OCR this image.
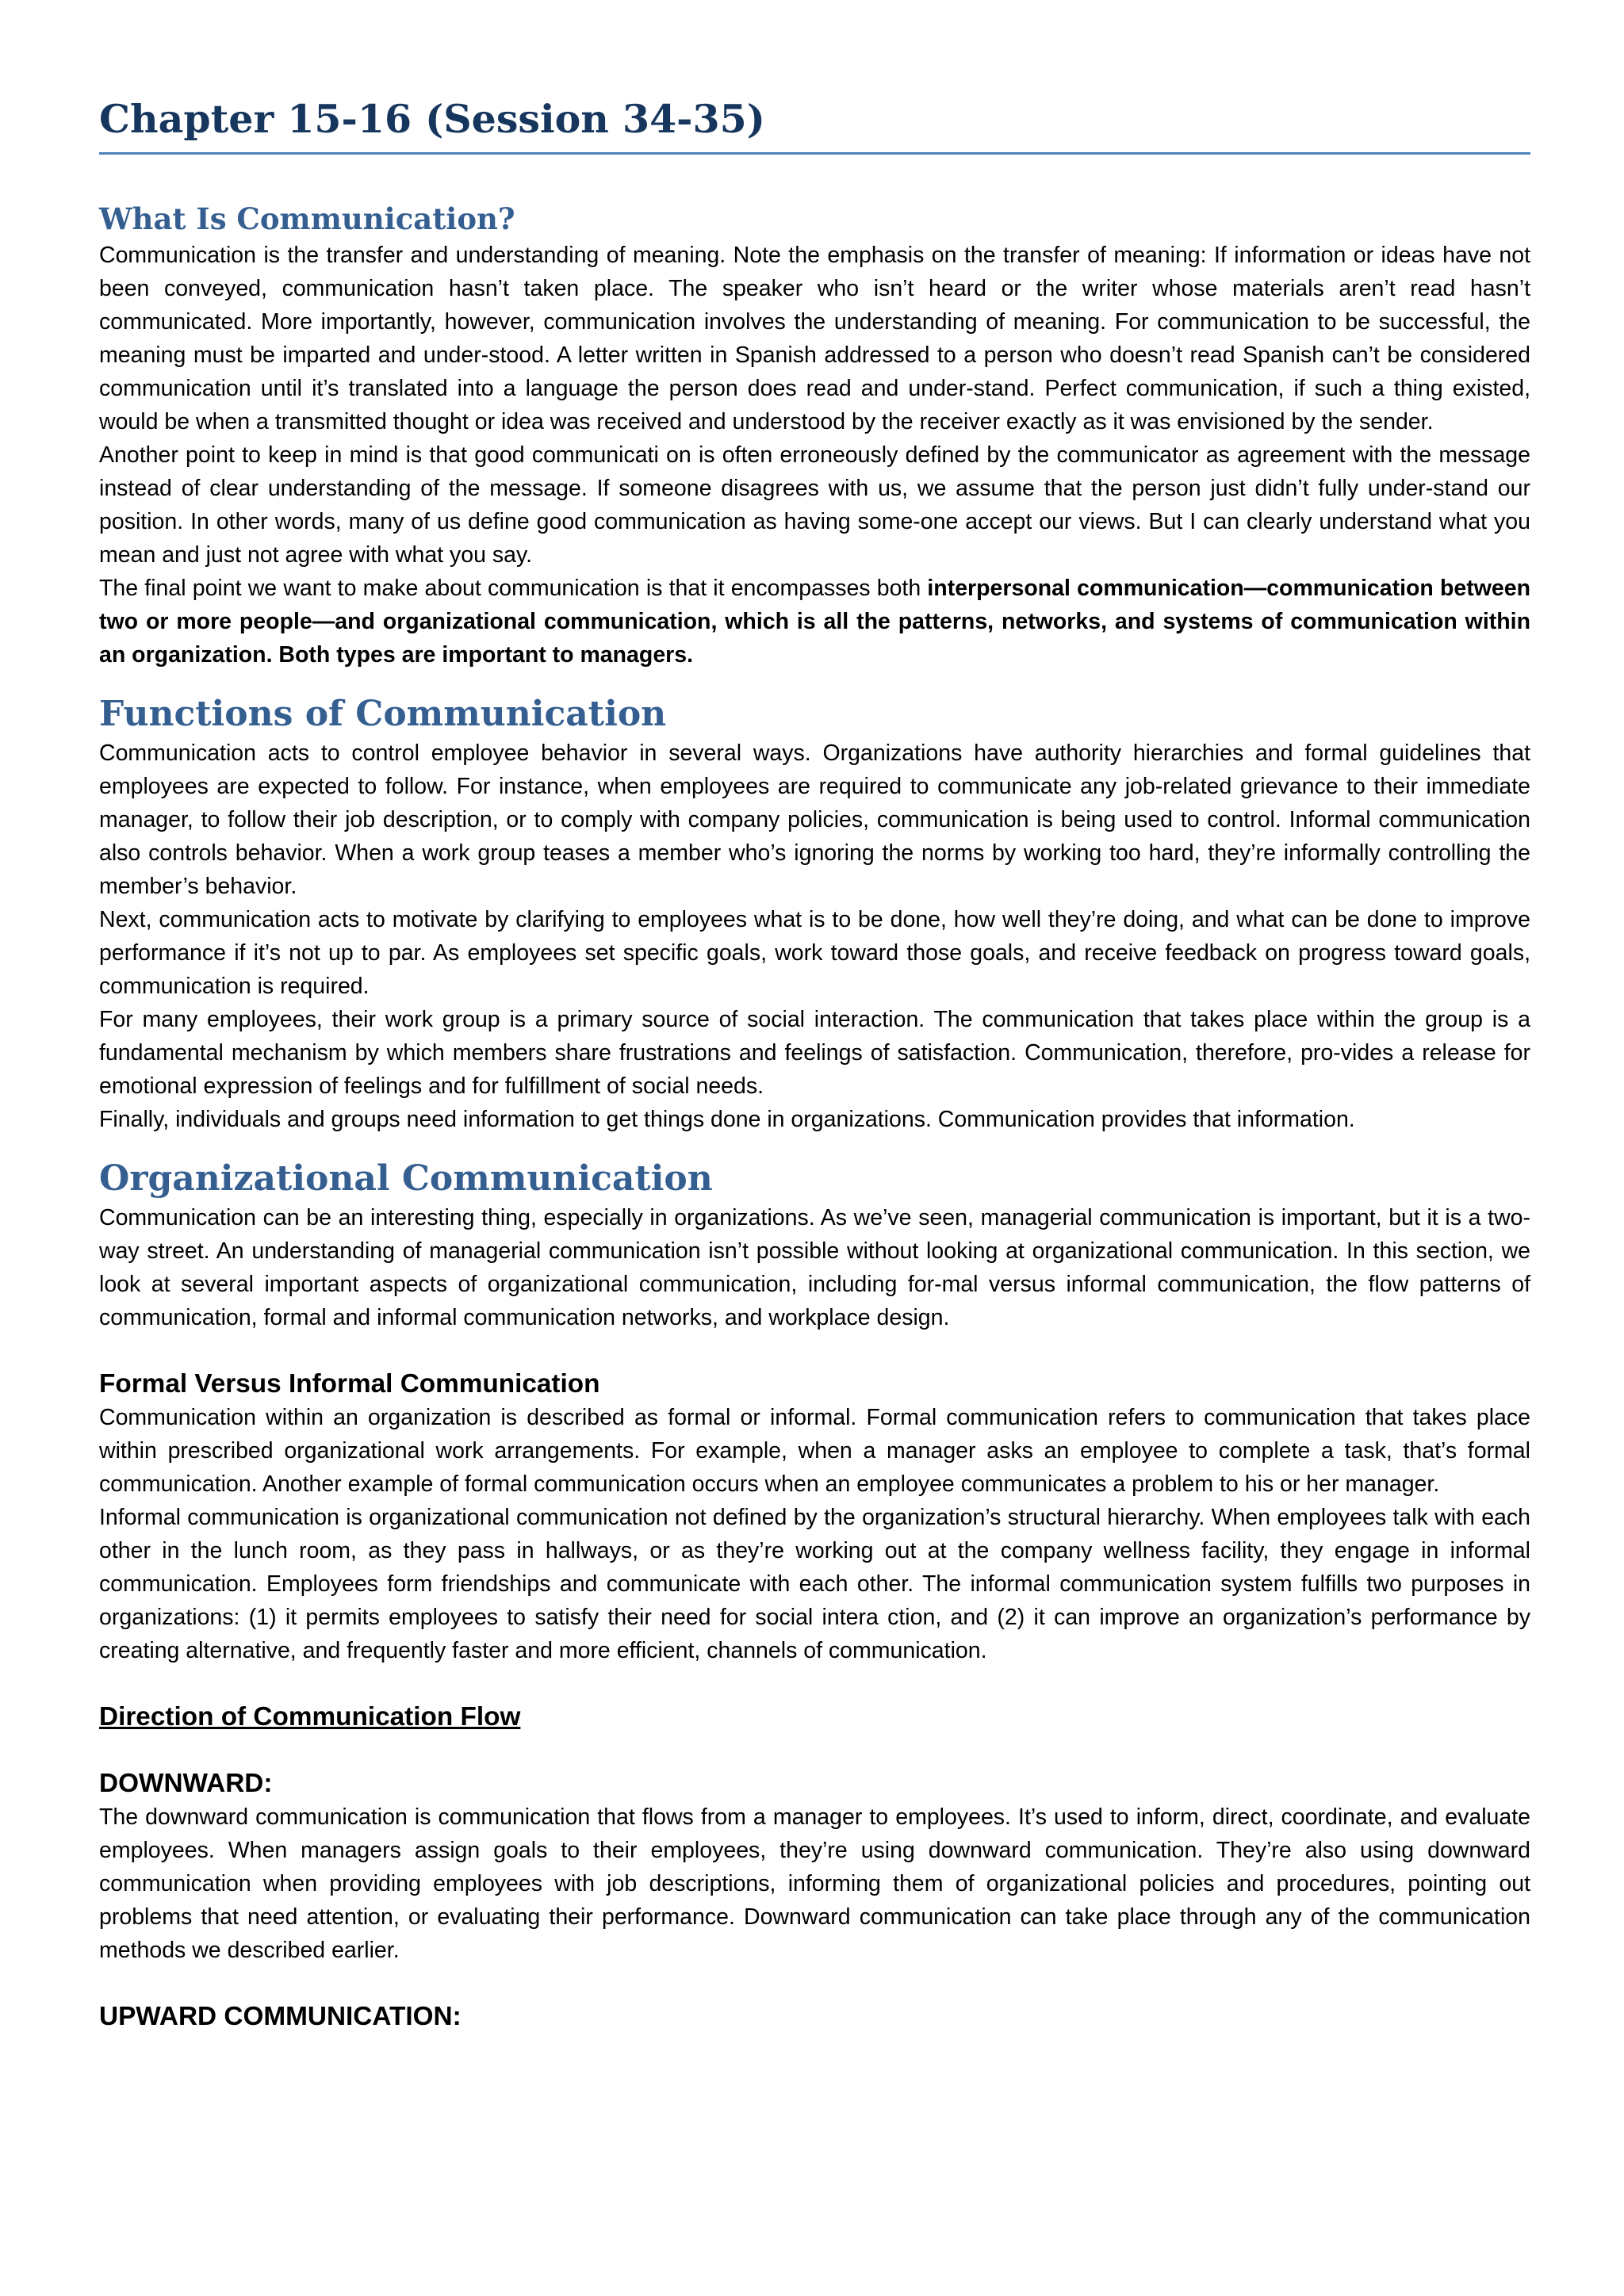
Chapter 15-16 (Session 34-35)
What Is Communication?

Communication is the transfer and understanding of meaning. Note the emphasis on the transfer of meaning: If information or ideas have not been conveyed, communication hasn’t taken place. The speaker who isn’t heard or the writer whose materials aren’t read hasn’t communicated. More importantly, however, communication involves the understanding of meaning. For communication to be successful, the meaning must be imparted and under-stood. A letter written in Spanish addressed to a person who doesn’t read Spanish can’t be considered communication until it’s translated into a language the person does read and under-stand. Perfect communication, if such a thing existed, would be when a transmitted thought or idea was received and understood by the receiver exactly as it was envisioned by the sender.

Another point to keep in mind is that good communicati on is often erroneously defined by the communicator as agreement with the message instead of clear understanding of the message. If someone disagrees with us, we assume that the person just didn’t fully under-stand our position. In other words, many of us define good communication as having some-one accept our views. But I can clearly understand what you mean and just not agree with what you say.

The final point we want to make about communication is that it encompasses both interpersonal communication—communication between two or more people—and organizational communication, which is all the patterns, networks, and systems of communication within an organization. Both types are important to managers.

Functions of Communication

Communication acts to control employee behavior in several ways. Organizations have authority hierarchies and formal guidelines that employees are expected to follow. For instance, when employees are required to communicate any job-related grievance to their immediate manager, to follow their job description, or to comply with company policies, communication is being used to control. Informal communication also controls behavior. When a work group teases a member who’s ignoring the norms by working too hard, they’re informally controlling the member’s behavior.

Next, communication acts to motivate by clarifying to employees what is to be done, how well they’re doing, and what can be done to improve performance if it’s not up to par. As employees set specific goals, work toward those goals, and receive feedback on progress toward goals, communication is required.

For many employees, their work group is a primary source of social interaction. The communication that takes place within the group is a fundamental mechanism by which members share frustrations and feelings of satisfaction. Communication, therefore, pro-vides a release for emotional expression of feelings and for fulfillment of social needs.

Finally, individuals and groups need information to get things done in organizations. Communication provides that information.

Organizational Communication

Communication can be an interesting thing, especially in organizations. As we’ve seen, managerial communication is important, but it is a two-way street. An understanding of managerial communication isn’t possible without looking at organizational communication. In this section, we look at several important aspects of organizational communication, including for-mal versus informal communication, the flow patterns of communication, formal and informal communication networks, and workplace design.

Formal Versus Informal Communication

Communication within an organization is described as formal or informal. Formal communication refers to communication that takes place within prescribed organizational work arrangements. For example, when a manager asks an employee to complete a task, that’s formal communication. Another example of formal communication occurs when an employee communicates a problem to his or her manager.

Informal communication is organizational communication not defined by the organization’s structural hierarchy. When employees talk with each other in the lunch room, as they pass in hallways, or as they’re working out at the company wellness facility, they engage in informal communication. Employees form friendships and communicate with each other. The informal communication system fulfills two purposes in organizations: (1) it permits employees to satisfy their need for social intera ction, and (2) it can improve an organization’s performance by creating alternative, and frequently faster and more efficient, channels of communication.

Direction of Communication Flow
DOWNWARD:

The downward communication is communication that flows from a manager to employees. It’s used to inform, direct, coordinate, and evaluate employees. When managers assign goals to their employees, they’re using downward communication. They’re also using downward communication when providing employees with job descriptions, informing them of organizational policies and procedures, pointing out problems that need attention, or evaluating their performance. Downward communication can take place through any of the communication methods we described earlier.

UPWARD COMMUNICATION:
